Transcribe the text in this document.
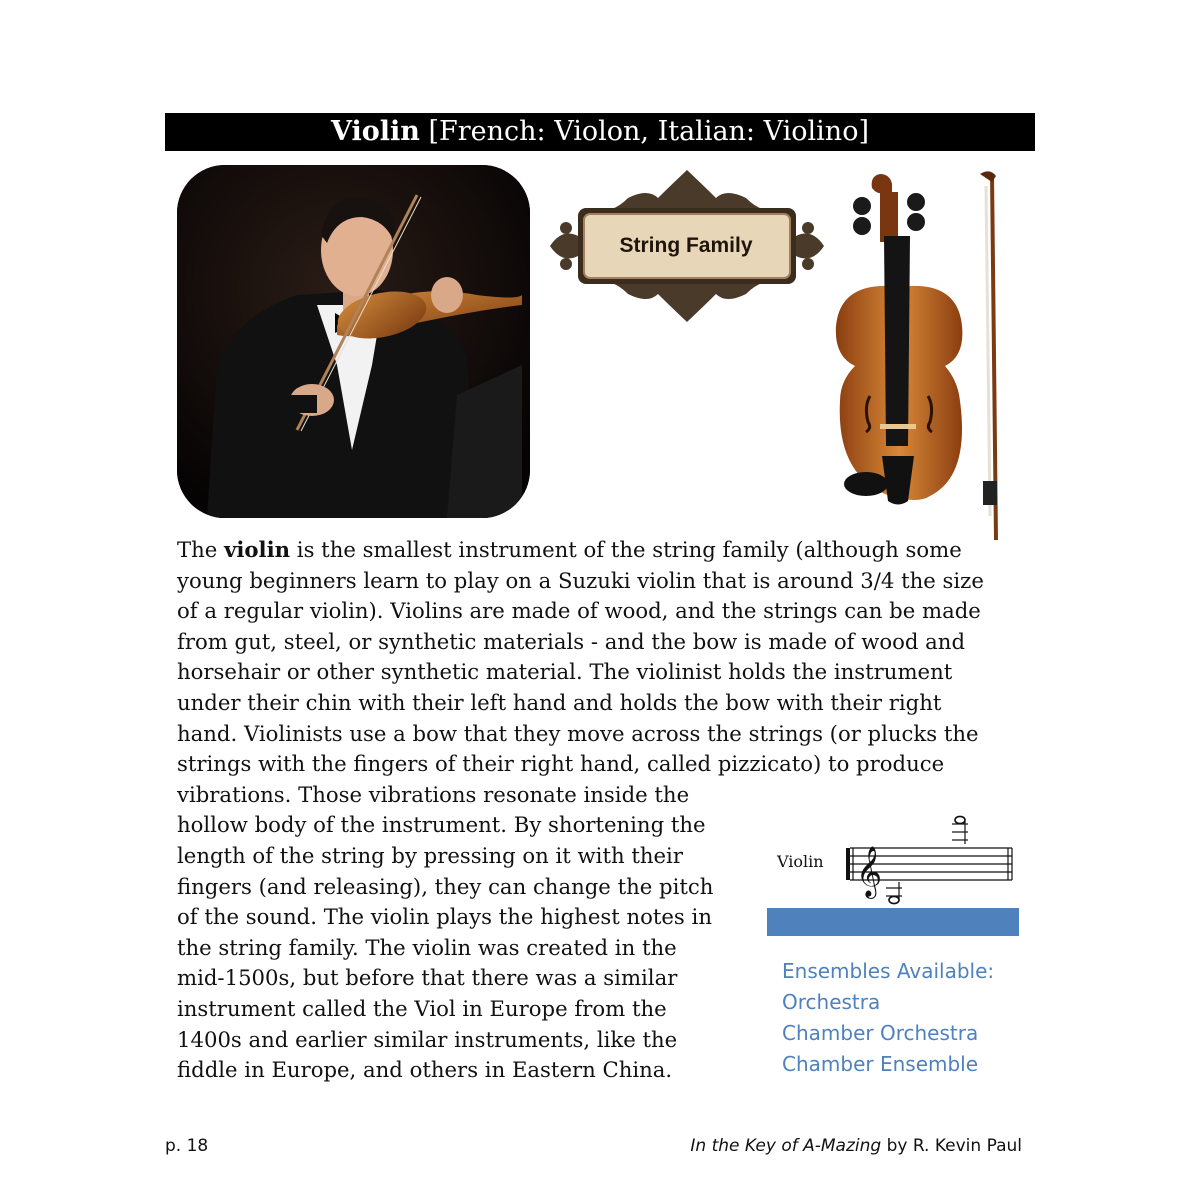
Violin [French: Violon, Italian: Violino]
String Family

The violin is the smallest instrument of the string family (although some young beginners learn to play on a Suzuki violin that is around 3/4 the size of a regular violin). Violins are made of wood, and the strings can be made from gut, steel, or synthetic materials - and the bow is made of wood and horsehair or other synthetic material. The violinist holds the instrument under their chin with their left hand and holds the bow with their right hand. Violinists use a bow that they move across the strings (or plucks the strings with the fingers of their right hand, called pizzicato) to produce

vibrations. Those vibrations resonate inside the
hollow body of the instrument. By shortening the
length of the string by pressing on it with their
fingers (and releasing), they can change the pitch
of the sound. The violin plays the highest notes in
the string family. The violin was created in the
mid-1500s, but before that there was a similar
instrument called the Viol in Europe from the
1400s and earlier similar instruments, like the
fiddle in Europe, and others in Eastern China.
Violin 𝄞
Ensembles Available:
Orchestra
Chamber Orchestra
Chamber Ensemble
p. 18	In the Key of A-Mazing by R. Kevin Paul
